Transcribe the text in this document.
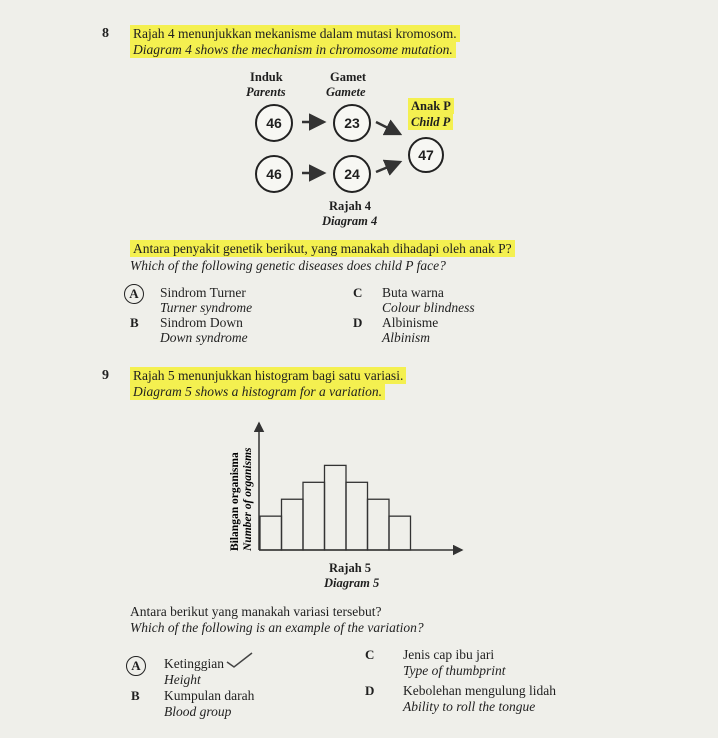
8 Rajah 4 menunjukkan mekanisme dalam mutasi kromosom.
Diagram 4 shows the mechanism in chromosome mutation.
Induk
Parents
Gamet
Gamete
Anak P
Child P
46	23
46	24
47
Rajah 4
Diagram 4
Antara penyakit genetik berikut, yang manakah dihadapi oleh anak P?
Which of the following genetic diseases does child P face?
A	Sindrom Turner
Turner syndrome
B Sindrom Down
Down syndrome
C Buta warna
Colour blindness
D Albinisme
Albinism
9 Rajah 5 menunjukkan histogram bagi satu variasi.
Diagram 5 shows a histogram for a variation.
Bilangan organisma Number of organisms
Rajah 5
Diagram 5
Antara berikut yang manakah variasi tersebut?
Which of the following is an example of the variation?
A	Ketinggian
Height
B Kumpulan darah
Blood group
C Jenis cap ibu jari
Type of thumbprint
D Kebolehan mengulung lidah
Ability to roll the tongue
